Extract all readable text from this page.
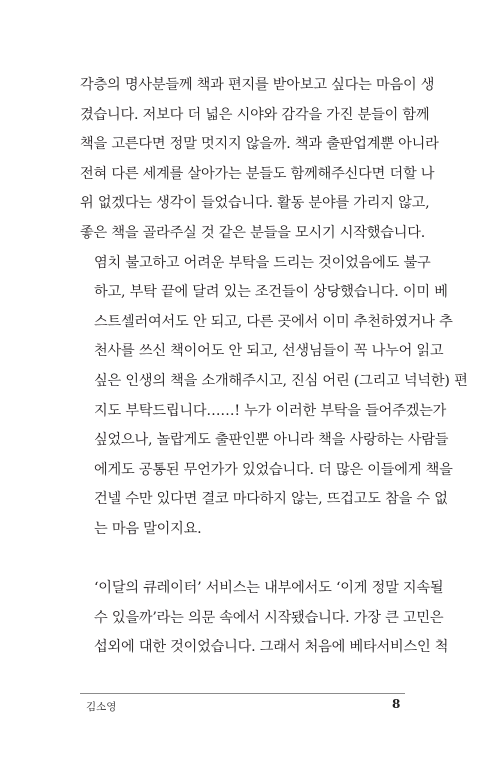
각층의 명사분들께 책과 편지를 받아보고 싶다는 마음이 생
겼습니다. 저보다 더 넓은 시야와 감각을 가진 분들이 함께
책을 고른다면 정말 멋지지 않을까. 책과 출판업계뿐 아니라
전혀 다른 세계를 살아가는 분들도 함께해주신다면 더할 나
위 없겠다는 생각이 들었습니다. 활동 분야를 가리지 않고,
좋은 책을 골라주실 것 같은 분들을 모시기 시작했습니다.

염치 불고하고 어려운 부탁을 드리는 것이었음에도 불구
하고, 부탁 끝에 달려 있는 조건들이 상당했습니다. 이미 베
스트셀러여서도 안 되고, 다른 곳에서 이미 추천하였거나 추
천사를 쓰신 책이어도 안 되고, 선생님들이 꼭 나누어 읽고
싶은 인생의 책을 소개해주시고, 진심 어린 (그리고 넉넉한) 편
지도 부탁드립니다……! 누가 이러한 부탁을 들어주겠는가
싶었으나, 놀랍게도 출판인뿐 아니라 책을 사랑하는 사람들
에게도 공통된 무언가가 있었습니다. 더 많은 이들에게 책을
건넬 수만 있다면 결코 마다하지 않는, 뜨겁고도 참을 수 없
는 마음 말이지요.

‘이달의 큐레이터’ 서비스는 내부에서도 ‘이게 정말 지속될
수 있을까’라는 의문 속에서 시작됐습니다. 가장 큰 고민은
섭외에 대한 것이었습니다. 그래서 처음에 베타서비스인 척

김소영	8
